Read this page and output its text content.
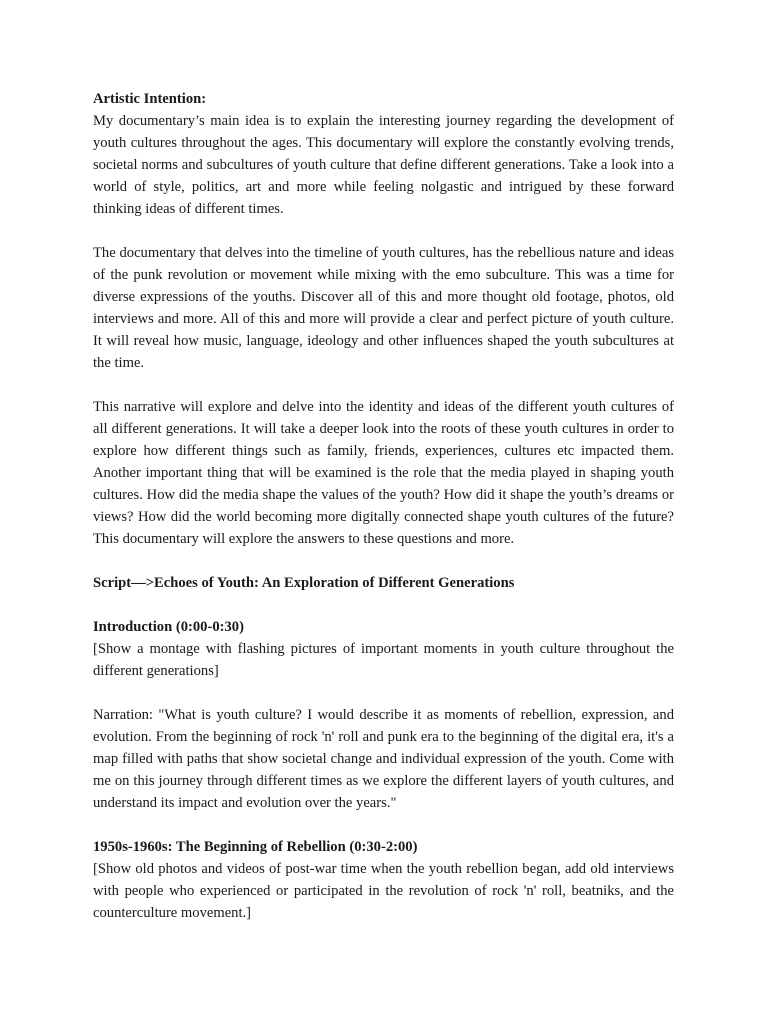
Artistic Intention:

My documentary’s main idea is to explain the interesting journey regarding the development of youth cultures throughout the ages. This documentary will explore the constantly evolving trends, societal norms and subcultures of youth culture that define different generations. Take a look into a world of style, politics, art and more while feeling nolgastic and intrigued by these forward thinking ideas of different times.

The documentary that delves into the timeline of youth cultures, has the rebellious nature and ideas of the punk revolution or movement while mixing with the emo subculture. This was a time for diverse expressions of the youths. Discover all of this and more thought old footage, photos, old interviews and more. All of this and more will provide a clear and perfect picture of youth culture. It will reveal how music, language, ideology and other influences shaped the youth subcultures at the time.

This narrative will explore and delve into the identity and ideas of the different youth cultures of all different generations. It will take a deeper look into the roots of these youth cultures in order to explore how different things such as family, friends, experiences, cultures etc impacted them. Another important thing that will be examined is the role that the media played in shaping youth cultures. How did the media shape the values of the youth? How did it shape the youth’s dreams or views? How did the world becoming more digitally connected shape youth cultures of the future? This documentary will explore the answers to these questions and more.

Script—>Echoes of Youth: An Exploration of Different Generations

Introduction (0:00-0:30)

[Show a montage with flashing pictures of important moments in youth culture throughout the different generations]

Narration: "What is youth culture? I would describe it as moments of rebellion, expression, and evolution. From the beginning of rock 'n' roll and punk era to the beginning of the digital era, it's a map filled with paths that show societal change and individual expression of the youth. Come with me on this journey through different times as we explore the different layers of youth cultures, and understand its impact and evolution over the years."

1950s-1960s: The Beginning of Rebellion (0:30-2:00)

[Show old photos and videos of post-war time when the youth rebellion began, add old interviews with people who experienced or participated in the revolution of rock 'n' roll, beatniks, and the counterculture movement.]
